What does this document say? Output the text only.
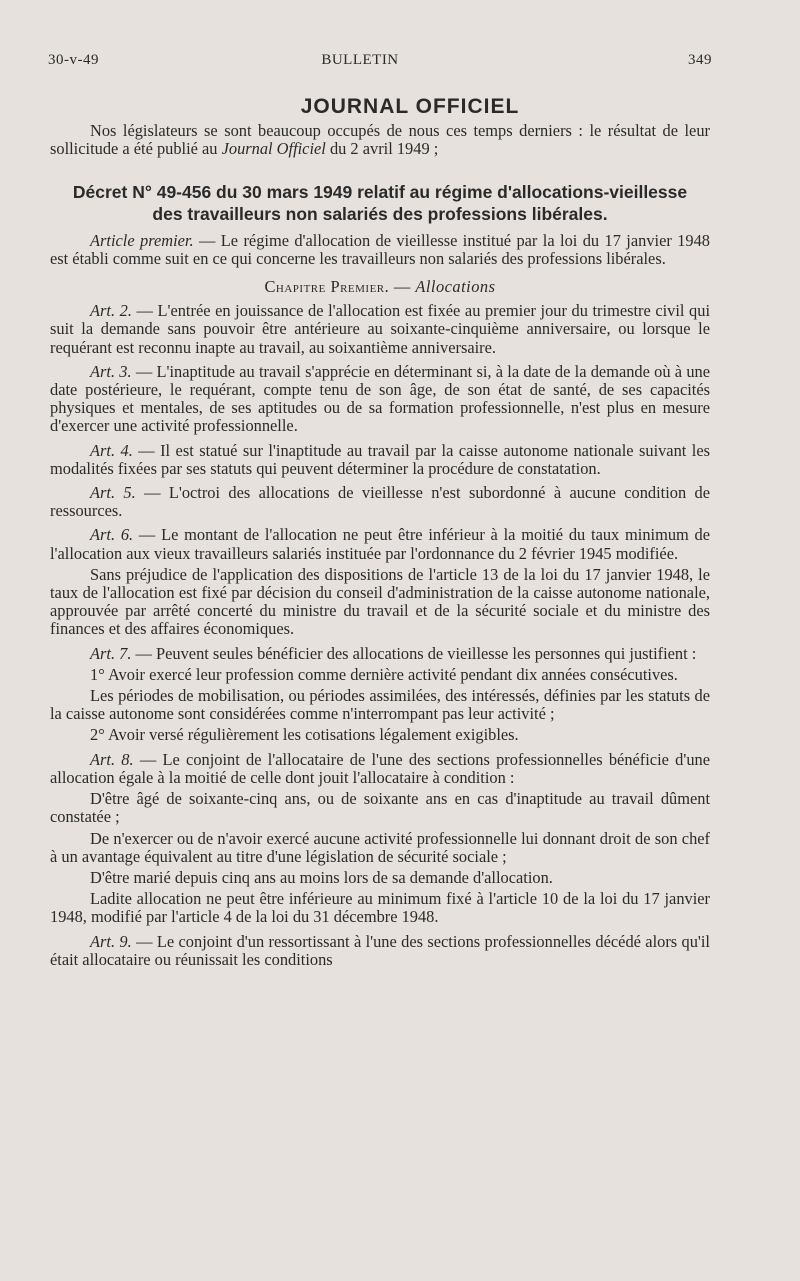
30-v-49	BULLETIN	349
JOURNAL OFFICIEL

Nos législateurs se sont beaucoup occupés de nous ces temps derniers : le résultat de leur sollicitude a été publié au Journal Officiel du 2 avril 1949 ;

Décret N° 49-456 du 30 mars 1949 relatif au régime d'allocations-vieillesse des travailleurs non salariés des professions libérales.

Article premier. — Le régime d'allocation de vieillesse institué par la loi du 17 janvier 1948 est établi comme suit en ce qui concerne les travailleurs non salariés des professions libérales.

Chapitre Premier. — Allocations

Art. 2. — L'entrée en jouissance de l'allocation est fixée au premier jour du trimestre civil qui suit la demande sans pouvoir être antérieure au soixante-cinquième anniversaire, ou lorsque le requérant est reconnu inapte au travail, au soixantième anniversaire.

Art. 3. — L'inaptitude au travail s'apprécie en déterminant si, à la date de la demande où à une date postérieure, le requérant, compte tenu de son âge, de son état de santé, de ses capacités physiques et mentales, de ses aptitudes ou de sa formation professionnelle, n'est plus en mesure d'exercer une activité professionnelle.

Art. 4. — Il est statué sur l'inaptitude au travail par la caisse autonome nationale suivant les modalités fixées par ses statuts qui peuvent déterminer la procédure de constatation.

Art. 5. — L'octroi des allocations de vieillesse n'est subordonné à aucune condition de ressources.

Art. 6. — Le montant de l'allocation ne peut être inférieur à la moitié du taux minimum de l'allocation aux vieux travailleurs salariés instituée par l'ordonnance du 2 février 1945 modifiée.

Sans préjudice de l'application des dispositions de l'article 13 de la loi du 17 janvier 1948, le taux de l'allocation est fixé par décision du conseil d'administration de la caisse autonome nationale, approuvée par arrêté concerté du ministre du travail et de la sécurité sociale et du ministre des finances et des affaires économiques.

Art. 7. — Peuvent seules bénéficier des allocations de vieillesse les personnes qui justifient :

1° Avoir exercé leur profession comme dernière activité pendant dix années consécutives.

Les périodes de mobilisation, ou périodes assimilées, des intéressés, définies par les statuts de la caisse autonome sont considérées comme n'interrompant pas leur activité ;

2° Avoir versé régulièrement les cotisations légalement exigibles.

Art. 8. — Le conjoint de l'allocataire de l'une des sections professionnelles bénéficie d'une allocation égale à la moitié de celle dont jouit l'allocataire à condition :

D'être âgé de soixante-cinq ans, ou de soixante ans en cas d'inaptitude au travail dûment constatée ;

De n'exercer ou de n'avoir exercé aucune activité professionnelle lui donnant droit de son chef à un avantage équivalent au titre d'une législation de sécurité sociale ;

D'être marié depuis cinq ans au moins lors de sa demande d'allocation.

Ladite allocation ne peut être inférieure au minimum fixé à l'article 10 de la loi du 17 janvier 1948, modifié par l'article 4 de la loi du 31 décembre 1948.

Art. 9. — Le conjoint d'un ressortissant à l'une des sections professionnelles décédé alors qu'il était allocataire ou réunissait les conditions
